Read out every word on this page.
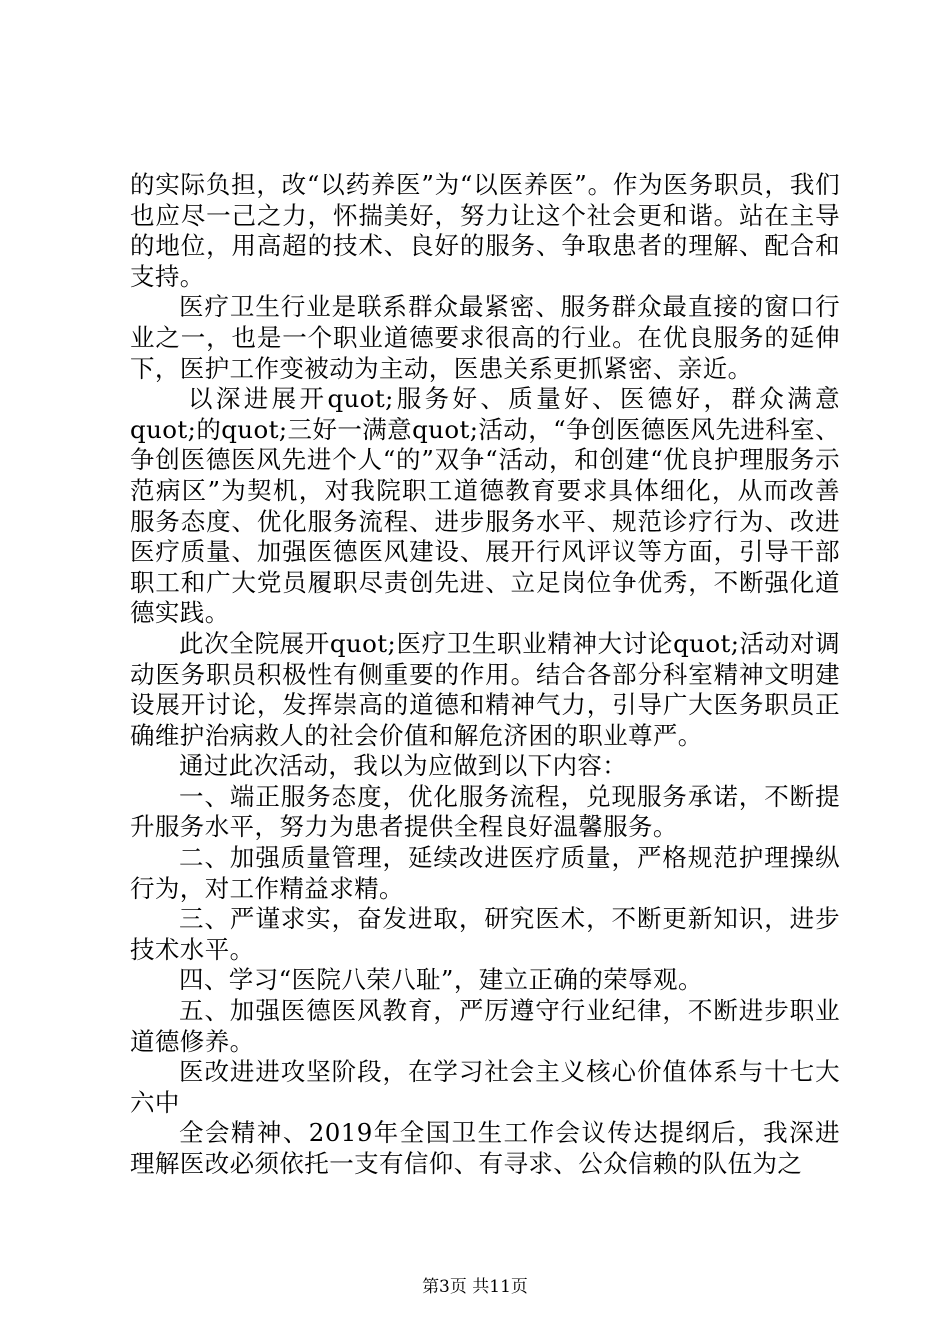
的实际负担，改“以药养医”为“以医养医”。作为医务职员，我们也应尽一己之力，怀揣美好，努力让这个社会更和谐。站在主导的地位，用高超的技术、良好的服务、争取患者的理解、配合和支持。

医疗卫生行业是联系群众最紧密、服务群众最直接的窗口行业之一，也是一个职业道德要求很高的行业。在优良服务的延伸下，医护工作变被动为主动，医患关系更抓紧密、亲近。

以深进展开quot;服务好、质量好、医德好，群众满意quot;的quot;三好一满意quot;活动，“争创医德医风先进科室、争创医德医风先进个人“的”双争“活动，和创建“优良护理服务示范病区”为契机，对我院职工道德教育要求具体细化，从而改善服务态度、优化服务流程、进步服务水平、规范诊疗行为、改进医疗质量、加强医德医风建设、展开行风评议等方面，引导干部职工和广大党员履职尽责创先进、立足岗位争优秀，不断强化道德实践。

此次全院展开quot;医疗卫生职业精神大讨论quot;活动对调动医务职员积极性有侧重要的作用。结合各部分科室精神文明建设展开讨论，发挥崇高的道德和精神气力，引导广大医务职员正确维护治病救人的社会价值和解危济困的职业尊严。

通过此次活动，我以为应做到以下内容：

一、端正服务态度，优化服务流程，兑现服务承诺，不断提升服务水平，努力为患者提供全程良好温馨服务。

二、加强质量管理，延续改进医疗质量，严格规范护理操纵行为，对工作精益求精。

三、严谨求实，奋发进取，研究医术，不断更新知识，进步技术水平。

四、学习“医院八荣八耻”，建立正确的荣辱观。

五、加强医德医风教育，严厉遵守行业纪律，不断进步职业道德修养。

医改进进攻坚阶段，在学习社会主义核心价值体系与十七大六中

全会精神、2019年全国卫生工作会议传达提纲后，我深进理解医改必须依托一支有信仰、有寻求、公众信赖的队伍为之

第3页 共11页
